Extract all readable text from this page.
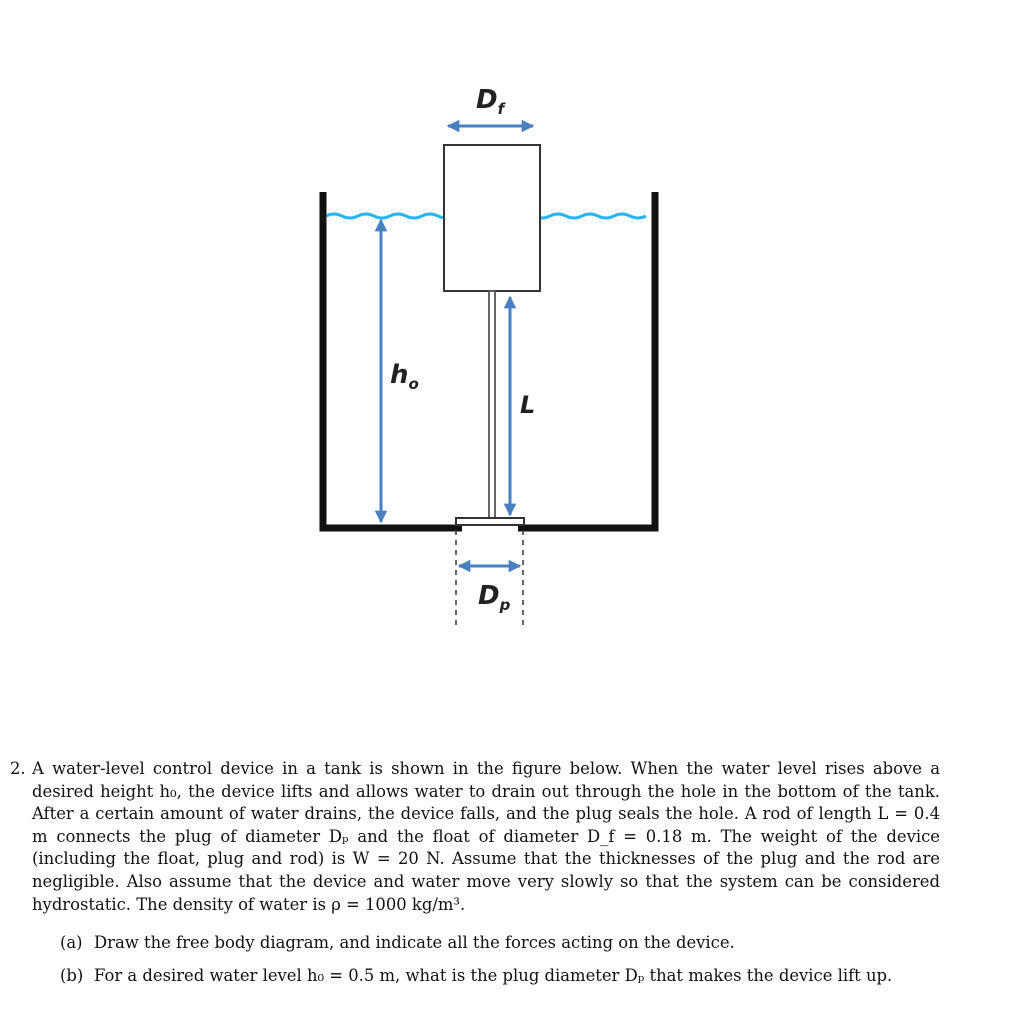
$D_f$
$D_p$
$h_o$
L
2. A water-level control device in a tank is shown in the figure below. When the water level rises above a desired height h₀, the device lifts and allows water to drain out through the hole in the bottom of the tank. After a certain amount of water drains, the device falls, and the plug seals the hole. A rod of length L = 0.4 m connects the plug of diameter Dₚ and the float of diameter D_f = 0.18 m. The weight of the device (including the float, plug and rod) is W = 20 N. Assume that the thicknesses of the plug and the rod are negligible. Also assume that the device and water move very slowly so that the system can be considered hydrostatic. The density of water is ρ = 1000 kg/m³.
(a) Draw the free body diagram, and indicate all the forces acting on the device.
(b) For a desired water level h₀ = 0.5 m, what is the plug diameter Dₚ that makes the device lift up.
